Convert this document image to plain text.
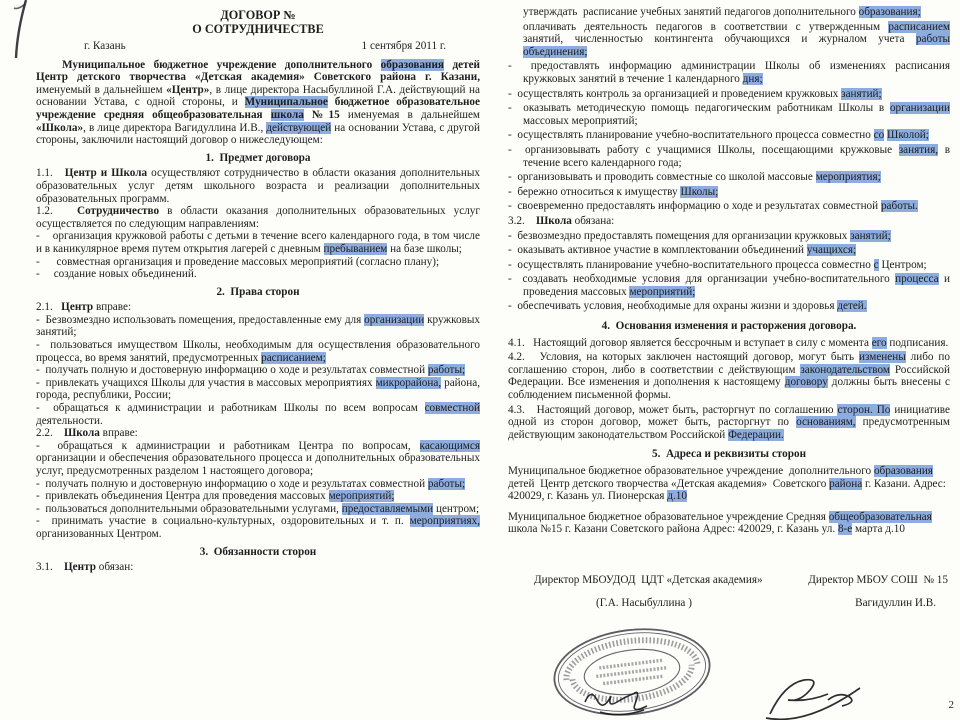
ДОГОВОР №
О СОТРУДНИЧЕСТВЕ
г. Казань	1 сентября 2011 г.
Муниципальное бюджетное учреждение дополнительного образования детей Центр детского творчества «Детская академия» Советского района г. Казани, именуемый в дальнейшем «Центр», в лице директора Насыбуллиной Г.А. действующий на основании Устава, с одной стороны, и Муниципальное бюджетное образовательное учреждение средняя общеобразовательная школа №15 именуемая в дальнейшем «Школа», в лице директора Вагидуллина И.В., действующей на основании Устава, с другой стороны, заключили настоящий договор о нижеследующем:
1.  Предмет договора
1.1.   Центр и Школа осуществляют сотрудничество в области оказания дополнительных образовательных услуг детям школьного возраста и реализации дополнительных образовательных программ.
1.2.   Сотрудничество в области оказания дополнительных образовательных услуг осуществляется по следующим направлениям:
-    организация кружковой работы с детьми в течение всего календарного года, в том числе и в каникулярное время путем открытия лагерей с дневным пребыванием на базе школы;
-      совместная организация и проведение массовых мероприятий (согласно плану);
-     создание новых объединений.
2.  Права сторон
2.1.   Центр вправе:
-  Безвозмездно использовать помещения, предоставленные ему для организации кружковых занятий;
-  пользоваться имуществом Школы, необходимым для осуществления образовательного процесса, во время занятий, предусмотренных расписанием;
-  получать полную и достоверную информацию о ходе и результатах совместной работы;
-  привлекать учащихся Школы для участия в массовых мероприятиях микрорайона, района, города, республики, России;
-  обращаться к администрации и работникам Школы по всем вопросам совместной деятельности.
2.2.    Школа вправе:
-  обращаться к администрации и работникам Центра по вопросам, касающимся организации и обеспечения образовательного процесса и дополнительных образовательных услуг, предусмотренных разделом 1 настоящего договора;
-  получать полную и достоверную информацию о ходе и результатах совместной работы;
-  привлекать объединения Центра для проведения массовых мероприятий;
-  пользоваться дополнительными образовательными услугами, предоставляемыми центром;
-  принимать участие в социально-культурных, оздоровительных и т. п. мероприятиях, организованных Центром.
3.  Обязанности сторон
3.1.    Центр обязан:
утверждать  расписание учебных занятий педагогов дополнительного образования;
оплачивать деятельность педагогов в соответствии с утвержденным расписанием занятий, численностью контингента обучающихся и журналом учета работы объединения;
-  предоставлять информацию администрации Школы об изменениях расписания кружковых занятий в течение 1 календарного дня;
-  осуществлять контроль за организацией и проведением кружковых занятий;
-  оказывать методическую помощь педагогическим работникам Школы в организации массовых мероприятий;
-  осуществлять планирование учебно-воспитательного процесса совместно со Школой;
-  организовывать работу с учащимися Школы, посещающими кружковые занятия, в течение всего календарного года;
-  организовывать и проводить совместные со школой массовые мероприятия;
-  бережно относиться к имуществу Школы;
-  своевременно предоставлять информацию о ходе и результатах совместной работы.
3.2.    Школа обязана:
-  безвозмездно предоставлять помещения для организации кружковых занятий;
-  оказывать активное участие в комплектовании объединений учащихся;
-  осуществлять планирование учебно-воспитательного процесса совместно с Центром;
-  создавать необходимые условия для организации учебно-воспитательного процесса и проведения массовых мероприятий;
-  обеспечивать условия, необходимые для охраны жизни и здоровья детей.
4.  Основания изменения и расторжения договора.
4.1.   Настоящий договор является бессрочным и вступает в силу с момента его подписания.
4.2.   Условия, на которых заключен настоящий договор, могут быть изменены либо по соглашению сторон, либо в соответствии с действующим законодательством Российской Федерации. Все изменения и дополнения к настоящему договору должны быть внесены с соблюдением письменной формы.
4.3.   Настоящий договор, может быть, расторгнут по соглашению сторон. По инициативе одной из сторон договор, может быть, расторгнут по основаниям, предусмотренным действующим законодательством Российской Федерации.
5.  Адреса и реквизиты сторон
Муниципальное бюджетное образовательное учреждение  дополнительного образования детей  Центр детского творчества «Детская академия»  Советского района г. Казани. Адрес: 420029, г. Казань ул. Пионерская д.10
Муниципальное бюджетное образовательное учреждение Средняя общеобразовательная школа №15 г. Казани Советского района Адрес: 420029, г. Казань ул. 8-е марта д.10
Директор МБОУДОД  ЦДТ «Детская академия»	Директор МБОУ СОШ  № 15
(Г.А. Насыбуллина )	Вагидуллин И.В.
2
